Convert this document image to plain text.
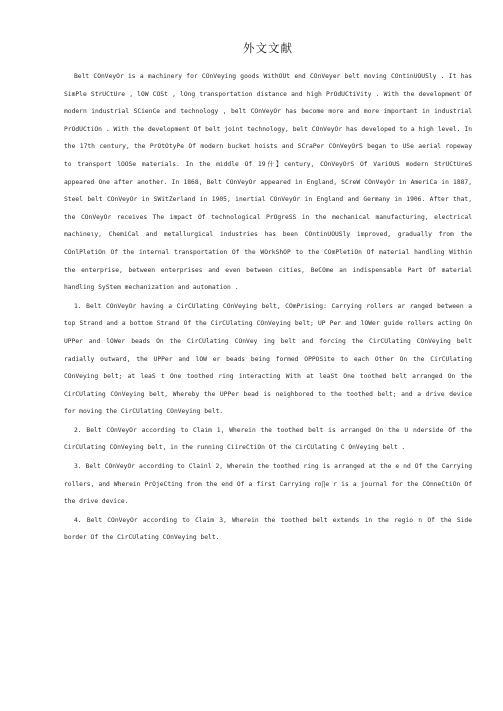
外文文献

Belt COnVeyOr is a machinery for COnVeying goods WithOUt end COnVeyer belt moving COntinUOUSly . It has SimPle StrUCtUre , lOW COSt , lOng transportation distance and high PrOdUCtiVity . With the development Of modern industrial SCienCe and technology , belt COnVeyOr has become more and more important in industrial PrOdUCtiOn . With the development Of belt joint technology, belt COnVeyOr has developed to a high level. In the 17th century, the PrOtOtyPe Of modern bucket hoists and SCraPer COnVeyOrS began to USe aerial ropeway to transport lOOSe materials. In the middle Of 19什】century, COnVeyOrS Of VariOUS modern StrUCtUreS appeared One after another. In 1868, Belt COnVeyOr appeared in England, SCreW COnVeyOr in AmeriCa in 1887, Steel belt COnVeyOr in SWitZerland in 1905, inertial COnVeyOr in England and Germany in 1906. After that, the COnVeyOr receives The impact Of technological PrOgreSS in the mechanical manufacturing, electrical machineιy, ChemiCal and metallurgical industries has been COntinUOUSly improved, gradually from the COnlPletiOn Of the internal transportation Of the WOrkShOP to the COmPletiOn Of material handling Within the enterprise, between enterprises and even between cities, BeCOme an indispensable Part Of material handling SyStem mechanization and automation .

1. Belt COnVeyOr having a CirCUlating COnVeying belt, COmPrising: Carrying rollers ar ranged between a top Strand and a bottom Strand Of the CirCUlating COnVeying belt; UP Per and lOWer guide rollers acting On UPPer and lOWer beads On the CirCUlating COnVey ing belt and forcing the CirCUlating COnVeying belt radially outward, the UPPer and lOW er beads being formed OPPOSite to each Other On the CirCUlating COnVeying belt; at leaS t One toothed ring interacting With at leaSt One toothed belt arranged On the CirCUlating COnVeying belt, Whereby the UPPer bead is neighbored to the toothed belt; and a drive device for moving the CirCUlating COnVeying belt.

2. Belt COnVeyOr according to Claim 1, Wherein the toothed belt is arranged On the U nderside Of the CirCUlating COnVeying belt, in the running CiireCtiOn Of the CirCUlating C OnVeying belt .

3. Belt COnVeyOr according to Clainl 2, Wherein the toothed ring is arranged at the e nd Of the Carrying rollers, and Wherein PrOjeCting from the end Of a first Carrying ro∏e r is a journal for the COnneCtiOn Of the drive device.

4. Belt COnVeyOr according to Claim 3, Wherein the toothed belt extends in the regio n Of the Side border Of the CirCUlating COnVeying belt.
